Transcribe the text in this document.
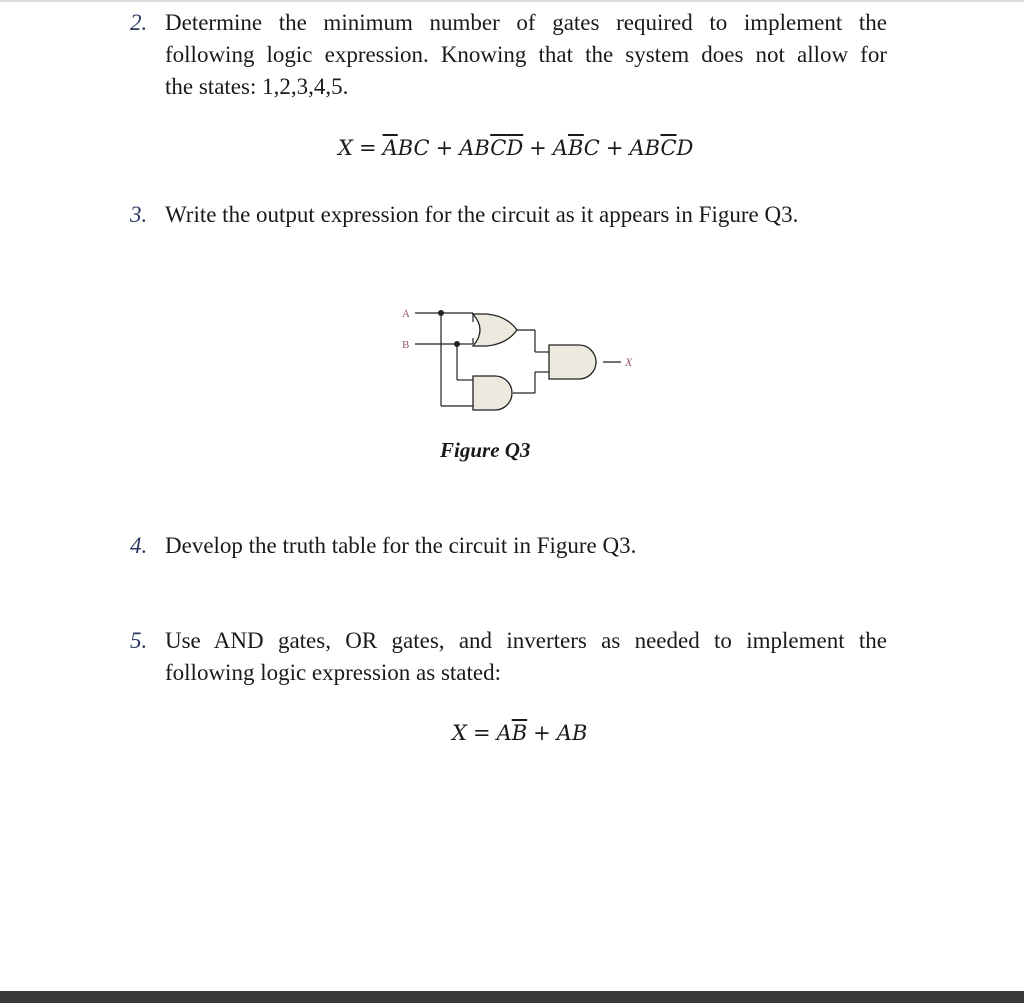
2. Determine the minimum number of gates required to implement the
following logic expression. Knowing that the system does not allow for
the states: 1,2,3,4,5.
$X = \overline{A}BC + AB\overline{C}\overline{D} + A\overline{B}C + AB\overline{C}D$
3. Write the output expression for the circuit as it appears in Figure Q3.
A
B
X
Figure Q3
4. Develop the truth table for the circuit in Figure Q3.
5. Use AND gates, OR gates, and inverters as needed to implement the
following logic expression as stated:
$X = A\overline{B}$ + AB
